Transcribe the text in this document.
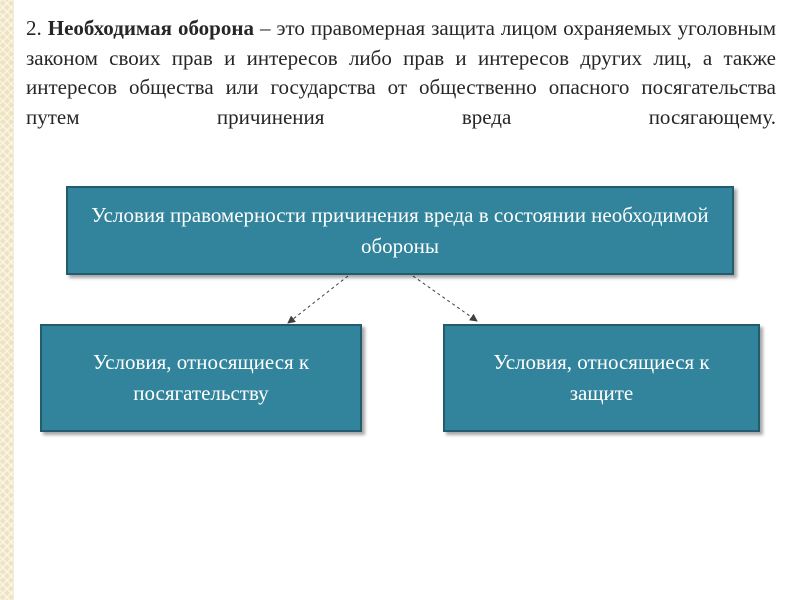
2. Необходимая оборона – это правомерная защита лицом охраняемых уголовным законом своих прав и интересов либо прав и интересов других лиц, а также интересов общества или государства от общественно опасного посягательства путем причинения вреда посягающему.

Условия правомерности причинения вреда в состоянии необходимой обороны
Условия, относящиеся к посягательству
Условия, относящиеся к защите
